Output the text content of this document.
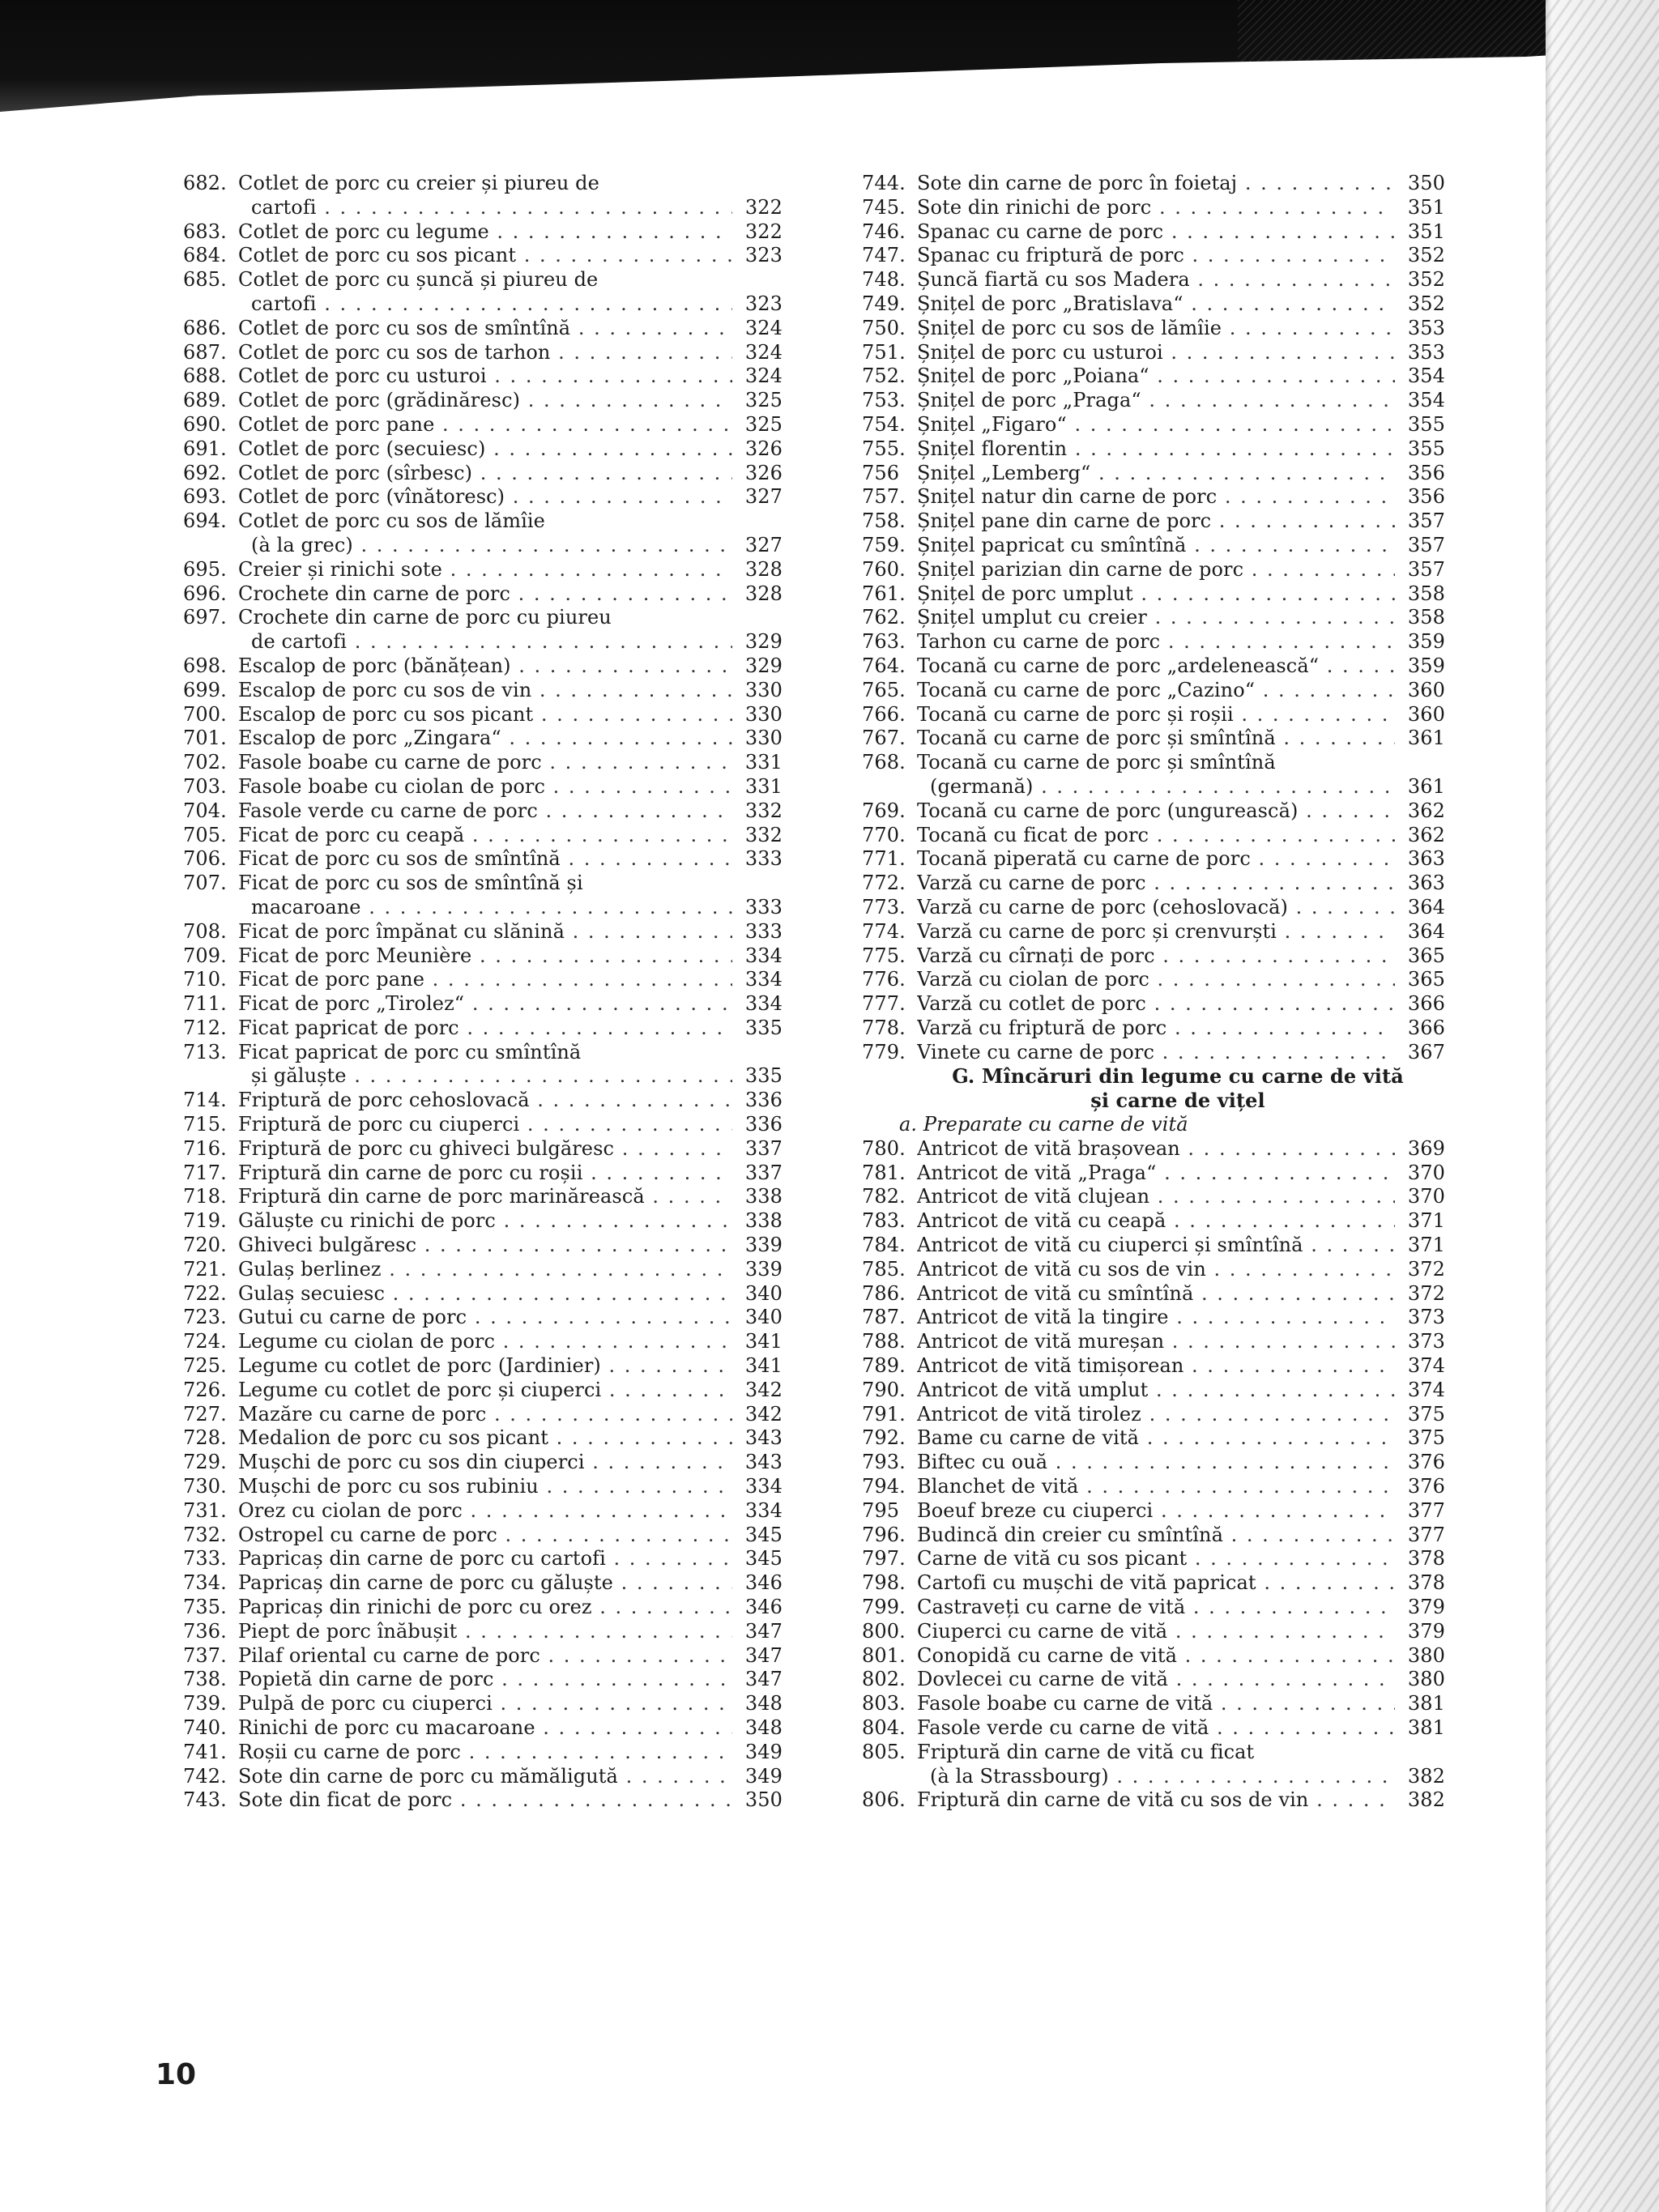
682. Cotlet de porc cu creier și piureu de
cartofi . . .	322
683. Cotlet de porc cu legume . . .	322
684. Cotlet de porc cu sos picant . . .	323
685. Cotlet de porc cu șuncă și piureu de
cartofi . . .	323
686. Cotlet de porc cu sos de smîntînă . . .	324
687. Cotlet de porc cu sos de tarhon . . .	324
688. Cotlet de porc cu usturoi . . .	324
689. Cotlet de porc (grădinăresc) . . .	325
690. Cotlet de porc pane . . .	325
691. Cotlet de porc (secuiesc) . . .	326
692. Cotlet de porc (sîrbesc) . . .	326
693. Cotlet de porc (vînătoresc) . . .	327
694. Cotlet de porc cu sos de lămîie
(à la grec) . . .	327
695. Creier și rinichi sote . . .	328
696. Crochete din carne de porc . . .	328
697. Crochete din carne de porc cu piureu
de cartofi . . .	329
698. Escalop de porc (bănățean) . . .	329
699. Escalop de porc cu sos de vin . . .	330
700. Escalop de porc cu sos picant . . .	330
701. Escalop de porc „Zingara“ . . .	330
702. Fasole boabe cu carne de porc . . .	331
703. Fasole boabe cu ciolan de porc . . .	331
704. Fasole verde cu carne de porc . . .	332
705. Ficat de porc cu ceapă . . .	332
706. Ficat de porc cu sos de smîntînă . . .	333
707. Ficat de porc cu sos de smîntînă și
macaroane . . .	333
708. Ficat de porc împănat cu slănină . . .	333
709. Ficat de porc Meunière . . .	334
710. Ficat de porc pane . . .	334
711. Ficat de porc „Tirolez“ . . .	334
712. Ficat papricat de porc . . .	335
713. Ficat papricat de porc cu smîntînă
și găluște . . .	335
714. Friptură de porc cehoslovacă . . .	336
715. Friptură de porc cu ciuperci . . .	336
716. Friptură de porc cu ghiveci bulgăresc . . .	337
717. Friptură din carne de porc cu roșii . . .	337
718. Friptură din carne de porc marinărească . . .	338
719. Găluște cu rinichi de porc . . .	338
720. Ghiveci bulgăresc . . .	339
721. Gulaș berlinez . . .	339
722. Gulaș secuiesc . . .	340
723. Gutui cu carne de porc . . .	340
724. Legume cu ciolan de porc . . .	341
725. Legume cu cotlet de porc (Jardinier) . . .	341
726. Legume cu cotlet de porc și ciuperci . . .	342
727. Mazăre cu carne de porc . . .	342
728. Medalion de porc cu sos picant . . .	343
729. Mușchi de porc cu sos din ciuperci . . .	343
730. Mușchi de porc cu sos rubiniu . . .	334
731. Orez cu ciolan de porc . . .	334
732. Ostropel cu carne de porc . . .	345
733. Papricaș din carne de porc cu cartofi . . .	345
734. Papricaș din carne de porc cu găluște . . .	346
735. Papricaș din rinichi de porc cu orez . . .	346
736. Piept de porc înăbușit . . .	347
737. Pilaf oriental cu carne de porc . . .	347
738. Popietă din carne de porc . . .	347
739. Pulpă de porc cu ciuperci . . .	348
740. Rinichi de porc cu macaroane . . .	348
741. Roșii cu carne de porc . . .	349
742. Sote din carne de porc cu mămăligută . . .	349
743. Sote din ficat de porc . . .	350
744. Sote din carne de porc în foietaj . . .	350
745. Sote din rinichi de porc . . .	351
746. Spanac cu carne de porc . . .	351
747. Spanac cu friptură de porc . . .	352
748. Șuncă fiartă cu sos Madera . . .	352
749. Șnițel de porc „Bratislava“ . . .	352
750. Șnițel de porc cu sos de lămîie . . .	353
751. Șnițel de porc cu usturoi . . .	353
752. Șnițel de porc „Poiana“ . . .	354
753. Șnițel de porc „Praga“ . . .	354
754. Șnițel „Figaro“ . . .	355
755. Șnițel florentin . . .	355
756 Șnițel „Lemberg“ . . .	356
757. Șnițel natur din carne de porc . . .	356
758. Șnițel pane din carne de porc . . .	357
759. Șnițel papricat cu smîntînă . . .	357
760. Șnițel parizian din carne de porc . . .	357
761. Șnițel de porc umplut . . .	358
762. Șnițel umplut cu creier . . .	358
763. Tarhon cu carne de porc . . .	359
764. Tocană cu carne de porc „ardelenească“ . . .	359
765. Tocană cu carne de porc „Cazino“ . . .	360
766. Tocană cu carne de porc și roșii . . .	360
767. Tocană cu carne de porc și smîntînă . . .	361
768. Tocană cu carne de porc și smîntînă
(germană) . . .	361
769. Tocană cu carne de porc (ungurească) . . .	362
770. Tocană cu ficat de porc . . .	362
771. Tocană piperată cu carne de porc . . .	363
772. Varză cu carne de porc . . .	363
773. Varză cu carne de porc (cehoslovacă) . . .	364
774. Varză cu carne de porc și crenvurști . . .	364
775. Varză cu cîrnați de porc . . .	365
776. Varză cu ciolan de porc . . .	365
777. Varză cu cotlet de porc . . .	366
778. Varză cu friptură de porc . . .	366
779. Vinete cu carne de porc . . .	367
G. Mîncăruri din legume cu carne de vită
și carne de vițel
a. Preparate cu carne de vită
780. Antricot de vită brașovean . . .	369
781. Antricot de vită „Praga“ . . .	370
782. Antricot de vită clujean . . .	370
783. Antricot de vită cu ceapă . . .	371
784. Antricot de vită cu ciuperci și smîntînă . . .	371
785. Antricot de vită cu sos de vin . . .	372
786. Antricot de vită cu smîntînă . . .	372
787. Antricot de vită la tingire . . .	373
788. Antricot de vită mureșan . . .	373
789. Antricot de vită timișorean . . .	374
790. Antricot de vită umplut . . .	374
791. Antricot de vită tirolez . . .	375
792. Bame cu carne de vită . . .	375
793. Biftec cu ouă . . .	376
794. Blanchet de vită . . .	376
795 Boeuf breze cu ciuperci . . .	377
796. Budincă din creier cu smîntînă . . .	377
797. Carne de vită cu sos picant . . .	378
798. Cartofi cu mușchi de vită papricat . . .	378
799. Castraveți cu carne de vită . . .	379
800. Ciuperci cu carne de vită . . .	379
801. Conopidă cu carne de vită . . .	380
802. Dovlecei cu carne de vită . . .	380
803. Fasole boabe cu carne de vită . . .	381
804. Fasole verde cu carne de vită . . .	381
805. Friptură din carne de vită cu ficat
(à la Strassbourg) . . .	382
806. Friptură din carne de vită cu sos de vin . . .	382
10
